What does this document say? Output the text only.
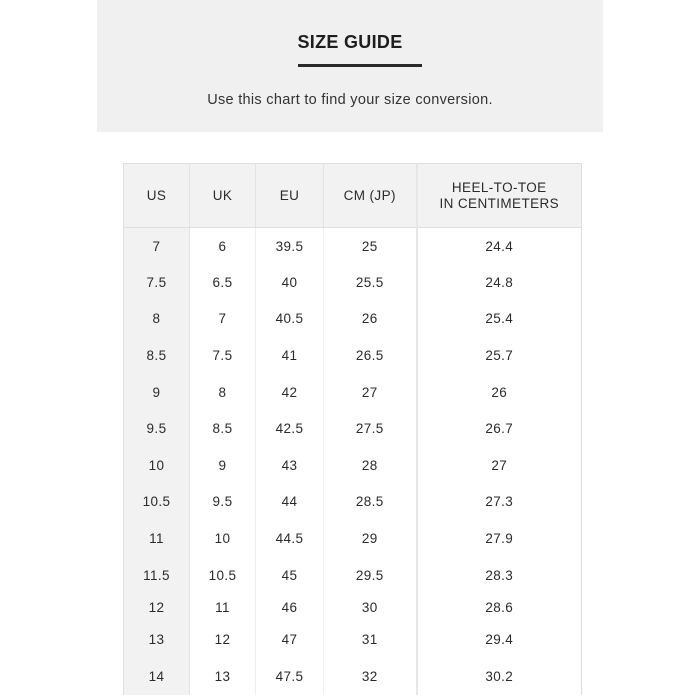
SIZE GUIDE
Use this chart to find your size conversion.
US	UK	EU	CM (JP)	HEEL-TO-TOE
IN CENTIMETERS

7	6	39.5	25	24.4
7.5	6.5	40	25.5	24.8
8	7	40.5	26	25.4
8.5	7.5	41	26.5	25.7
9	8	42	27	26
9.5	8.5	42.5	27.5	26.7
10	9	43	28	27
10.5	9.5	44	28.5	27.3
11	10	44.5	29	27.9
11.5	10.5	45	29.5	28.3
12	11	46	30	28.6
13	12	47	31	29.4
14	13	47.5	32	30.2
